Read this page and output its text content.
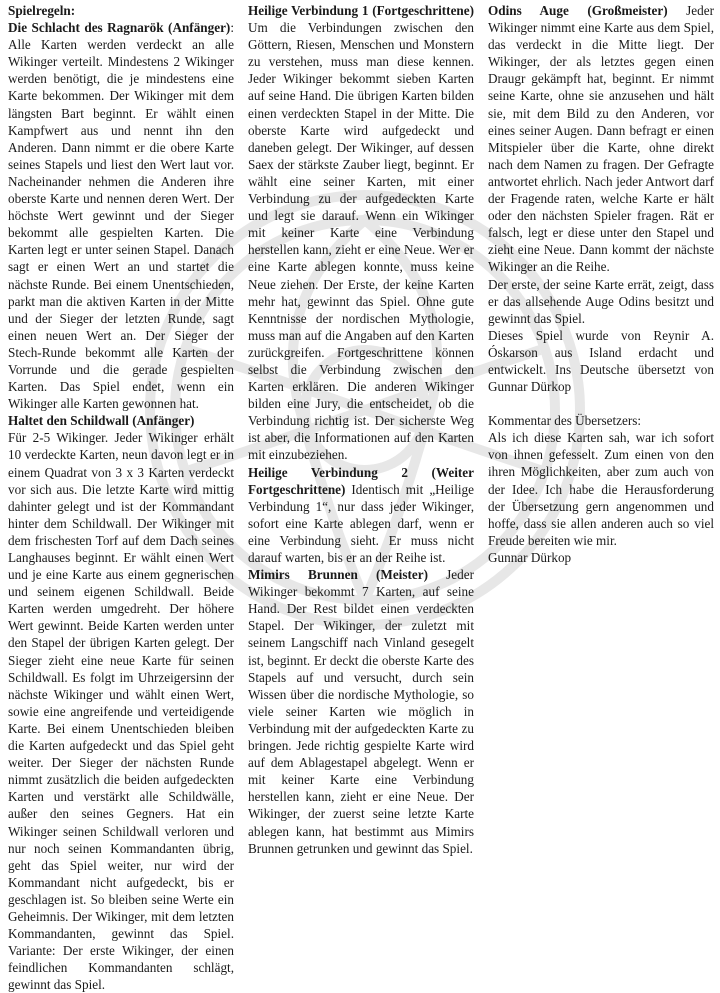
Spielregeln:

Die Schlacht des Ragnarök (Anfänger): Alle Karten werden verdeckt an alle Wikinger verteilt. Mindestens 2 Wikinger werden benötigt, die je mindestens eine Karte bekommen. Der Wikinger mit dem längsten Bart beginnt. Er wählt einen Kampfwert aus und nennt ihn den Anderen. Dann nimmt er die obere Karte seines Stapels und liest den Wert laut vor. Nacheinander nehmen die Anderen ihre oberste Karte und nennen deren Wert. Der höchste Wert gewinnt und der Sieger bekommt alle gespielten Karten. Die Karten legt er unter seinen Stapel. Danach sagt er einen Wert an und startet die nächste Runde. Bei einem Unentschieden, parkt man die aktiven Karten in der Mitte und der Sieger der letzten Runde, sagt einen neuen Wert an. Der Sieger der Stech-Runde bekommt alle Karten der Vorrunde und die gerade gespielten Karten. Das Spiel endet, wenn ein Wikinger alle Karten gewonnen hat.

Haltet den Schildwall (Anfänger)

Für 2-5 Wikinger. Jeder Wikinger erhält 10 verdeckte Karten, neun davon legt er in einem Quadrat von 3 x 3 Karten verdeckt vor sich aus. Die letzte Karte wird mittig dahinter gelegt und ist der Kommandant hinter dem Schildwall. Der Wikinger mit dem frischesten Torf auf dem Dach seines Langhauses beginnt. Er wählt einen Wert und je eine Karte aus einem gegnerischen und seinem eigenen Schildwall. Beide Karten werden umgedreht. Der höhere Wert gewinnt. Beide Karten werden unter den Stapel der übrigen Karten gelegt. Der Sieger zieht eine neue Karte für seinen Schildwall. Es folgt im Uhrzeigersinn der nächste Wikinger und wählt einen Wert, sowie eine angreifende und verteidigende Karte. Bei einem Unentschieden bleiben die Karten aufgedeckt und das Spiel geht weiter. Der Sieger der nächsten Runde nimmt zusätzlich die beiden aufgedeckten Karten und verstärkt alle Schildwälle, außer den seines Gegners. Hat ein Wikinger seinen Schildwall verloren und nur noch seinen Kommandanten übrig, geht das Spiel weiter, nur wird der Kommandant nicht aufgedeckt, bis er geschlagen ist. So bleiben seine Werte ein Geheimnis. Der Wikinger, mit dem letzten Kommandanten, gewinnt das Spiel. Variante: Der erste Wikinger, der einen feindlichen Kommandanten schlägt, gewinnt das Spiel.

Heilige Verbindung 1 (Fortgeschrittene) Um die Verbindungen zwischen den Göttern, Riesen, Menschen und Monstern zu verstehen, muss man diese kennen. Jeder Wikinger bekommt sieben Karten auf seine Hand. Die übrigen Karten bilden einen verdeckten Stapel in der Mitte. Die oberste Karte wird aufgedeckt und daneben gelegt. Der Wikinger, auf dessen Saex der stärkste Zauber liegt, beginnt. Er wählt eine seiner Karten, mit einer Verbindung zu der aufgedeckten Karte und legt sie darauf. Wenn ein Wikinger mit keiner Karte eine Verbindung herstellen kann, zieht er eine Neue. Wer er eine Karte ablegen konnte, muss keine Neue ziehen. Der Erste, der keine Karten mehr hat, gewinnt das Spiel. Ohne gute Kenntnisse der nordischen Mythologie, muss man auf die Angaben auf den Karten zurückgreifen. Fortgeschrittene können selbst die Verbindung zwischen den Karten erklären. Die anderen Wikinger bilden eine Jury, die entscheidet, ob die Verbindung richtig ist. Der sicherste Weg ist aber, die Informationen auf den Karten mit einzubeziehen.

Heilige Verbindung 2 (Weiter Fortgeschrittene) Identisch mit „Heilige Verbindung 1“, nur dass jeder Wikinger, sofort eine Karte ablegen darf, wenn er eine Verbindung sieht. Er muss nicht darauf warten, bis er an der Reihe ist.

Mimirs Brunnen (Meister) Jeder Wikinger bekommt 7 Karten, auf seine Hand. Der Rest bildet einen verdeckten Stapel. Der Wikinger, der zuletzt mit seinem Langschiff nach Vinland gesegelt ist, beginnt. Er deckt die oberste Karte des Stapels auf und versucht, durch sein Wissen über die nordische Mythologie, so viele seiner Karten wie möglich in Verbindung mit der aufgedeckten Karte zu bringen. Jede richtig gespielte Karte wird auf dem Ablagestapel abgelegt. Wenn er mit keiner Karte eine Verbindung herstellen kann, zieht er eine Neue. Der Wikinger, der zuerst seine letzte Karte ablegen kann, hat bestimmt aus Mimirs Brunnen getrunken und gewinnt das Spiel.

Odins Auge (Großmeister) Jeder Wikinger nimmt eine Karte aus dem Spiel, das verdeckt in die Mitte liegt. Der Wikinger, der als letztes gegen einen Draugr gekämpft hat, beginnt. Er nimmt seine Karte, ohne sie anzusehen und hält sie, mit dem Bild zu den Anderen, vor eines seiner Augen. Dann befragt er einen Mitspieler über die Karte, ohne direkt nach dem Namen zu fragen. Der Gefragte antwortet ehrlich. Nach jeder Antwort darf der Fragende raten, welche Karte er hält oder den nächsten Spieler fragen. Rät er falsch, legt er diese unter den Stapel und zieht eine Neue. Dann kommt der nächste Wikinger an die Reihe.

Der erste, der seine Karte errät, zeigt, dass er das allsehende Auge Odins besitzt und gewinnt das Spiel.

Dieses Spiel wurde von Reynir A. Óskarson aus Island erdacht und entwickelt. Ins Deutsche übersetzt von Gunnar Dürkop

Kommentar des Übersetzers:

Als ich diese Karten sah, war ich sofort von ihnen gefesselt. Zum einen von den ihren Möglichkeiten, aber zum auch von der Idee. Ich habe die Herausforderung der Übersetzung gern angenommen und hoffe, dass sie allen anderen auch so viel Freude bereiten wie mir.

Gunnar Dürkop
